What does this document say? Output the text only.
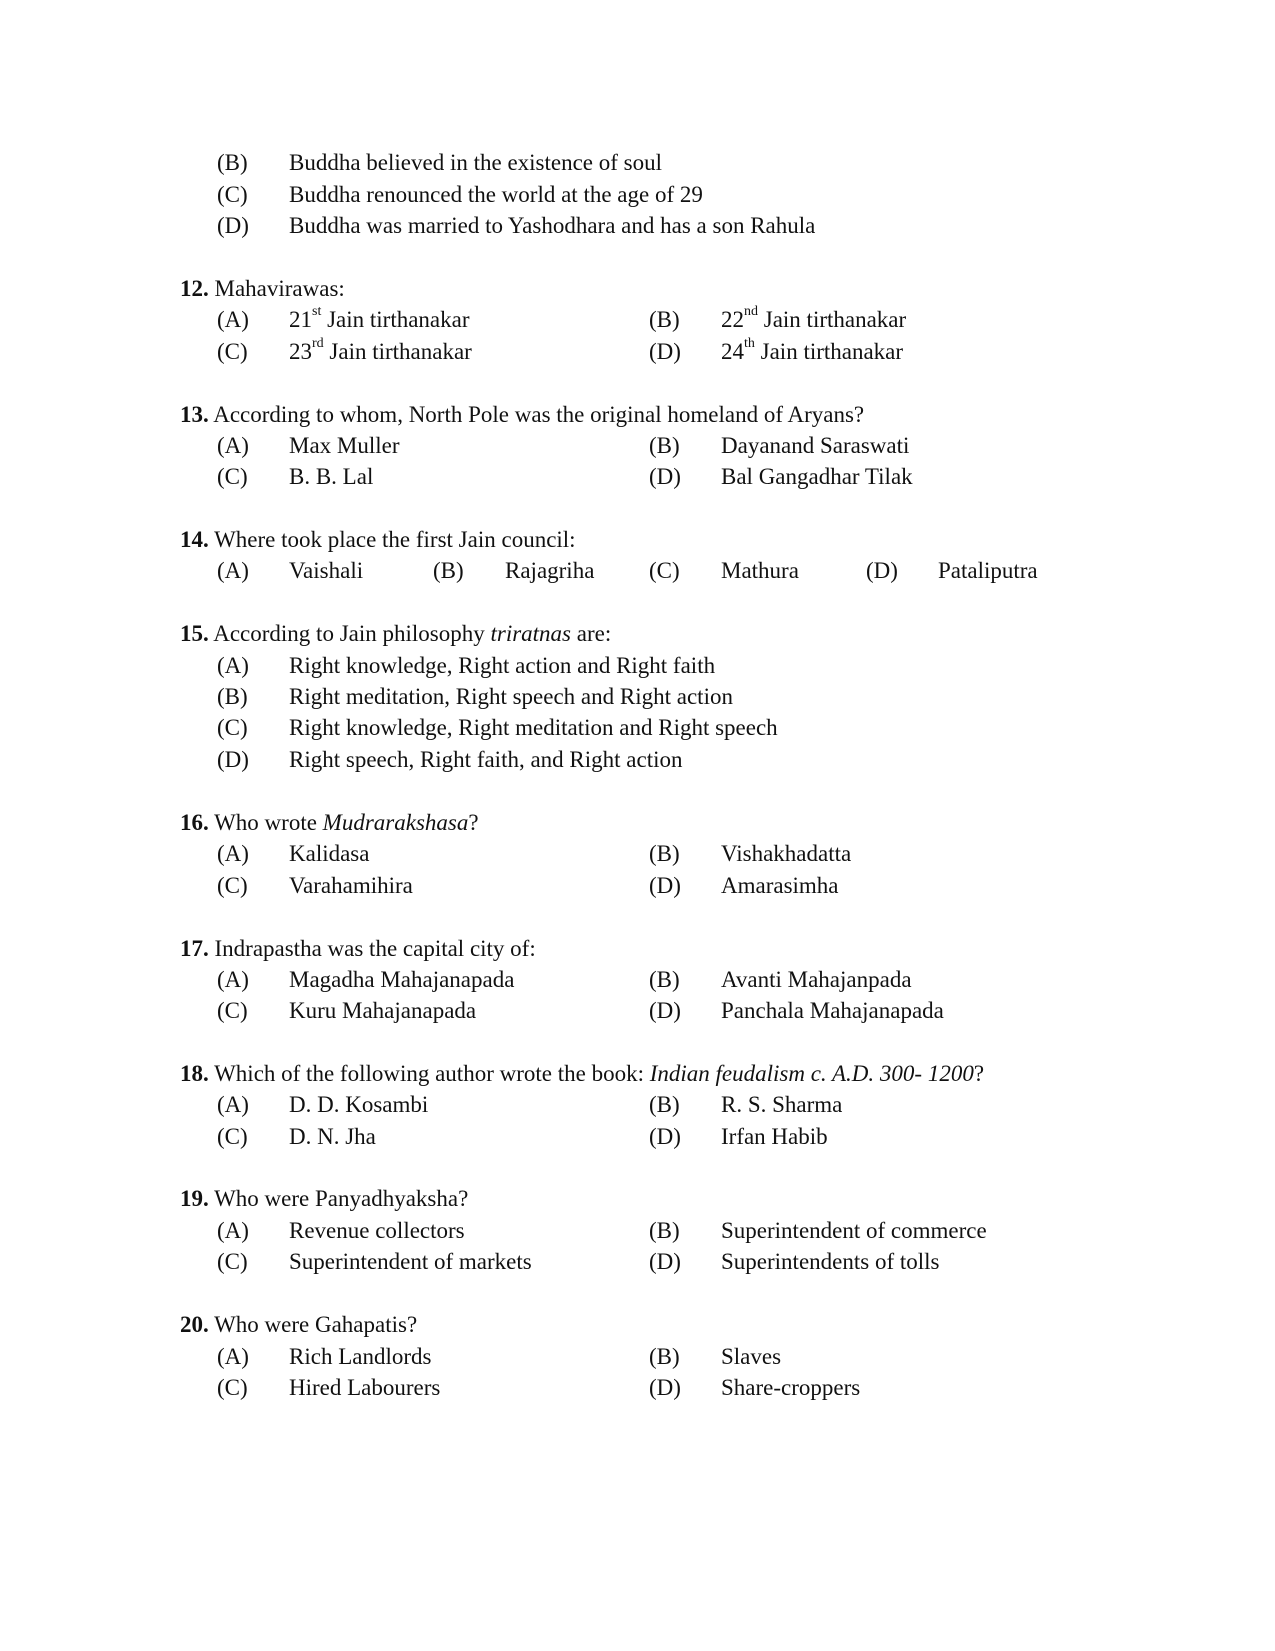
(B) Buddha believed in the existence of soul
(C) Buddha renounced the world at the age of 29
(D) Buddha was married to Yashodhara and has a son Rahula
12. Mahavirawas:
(A) 21st Jain tirthanakar	(B) 22nd Jain tirthanakar
(C) 23rd Jain tirthanakar	(D) 24th Jain tirthanakar
13. According to whom, North Pole was the original homeland of Aryans?
(A) Max Muller	(B) Dayanand Saraswati
(C) B. B. Lal	(D) Bal Gangadhar Tilak
14. Where took place the first Jain council:
(A) Vaishali	(B) Rajagriha (C) Mathura	(D) Pataliputra
15. According to Jain philosophy triratnas are:
(A) Right knowledge, Right action and Right faith
(B) Right meditation, Right speech and Right action
(C) Right knowledge, Right meditation and Right speech
(D) Right speech, Right faith, and Right action
16. Who wrote Mudrarakshasa?
(A) Kalidasa	(B) Vishakhadatta
(C) Varahamihira	(D) Amarasimha
17. Indrapastha was the capital city of:
(A) Magadha Mahajanapada	(B) Avanti Mahajanpada
(C) Kuru Mahajanapada	(D) Panchala Mahajanapada
18. Which of the following author wrote the book: Indian feudalism c. A.D. 300- 1200?
(A) D. D. Kosambi	(B) R. S. Sharma
(C) D. N. Jha	(D) Irfan Habib
19. Who were Panyadhyaksha?
(A) Revenue collectors	(B) Superintendent of commerce
(C) Superintendent of markets	(D) Superintendents of tolls
20. Who were Gahapatis?
(A) Rich Landlords	(B) Slaves
(C) Hired Labourers	(D) Share-croppers
